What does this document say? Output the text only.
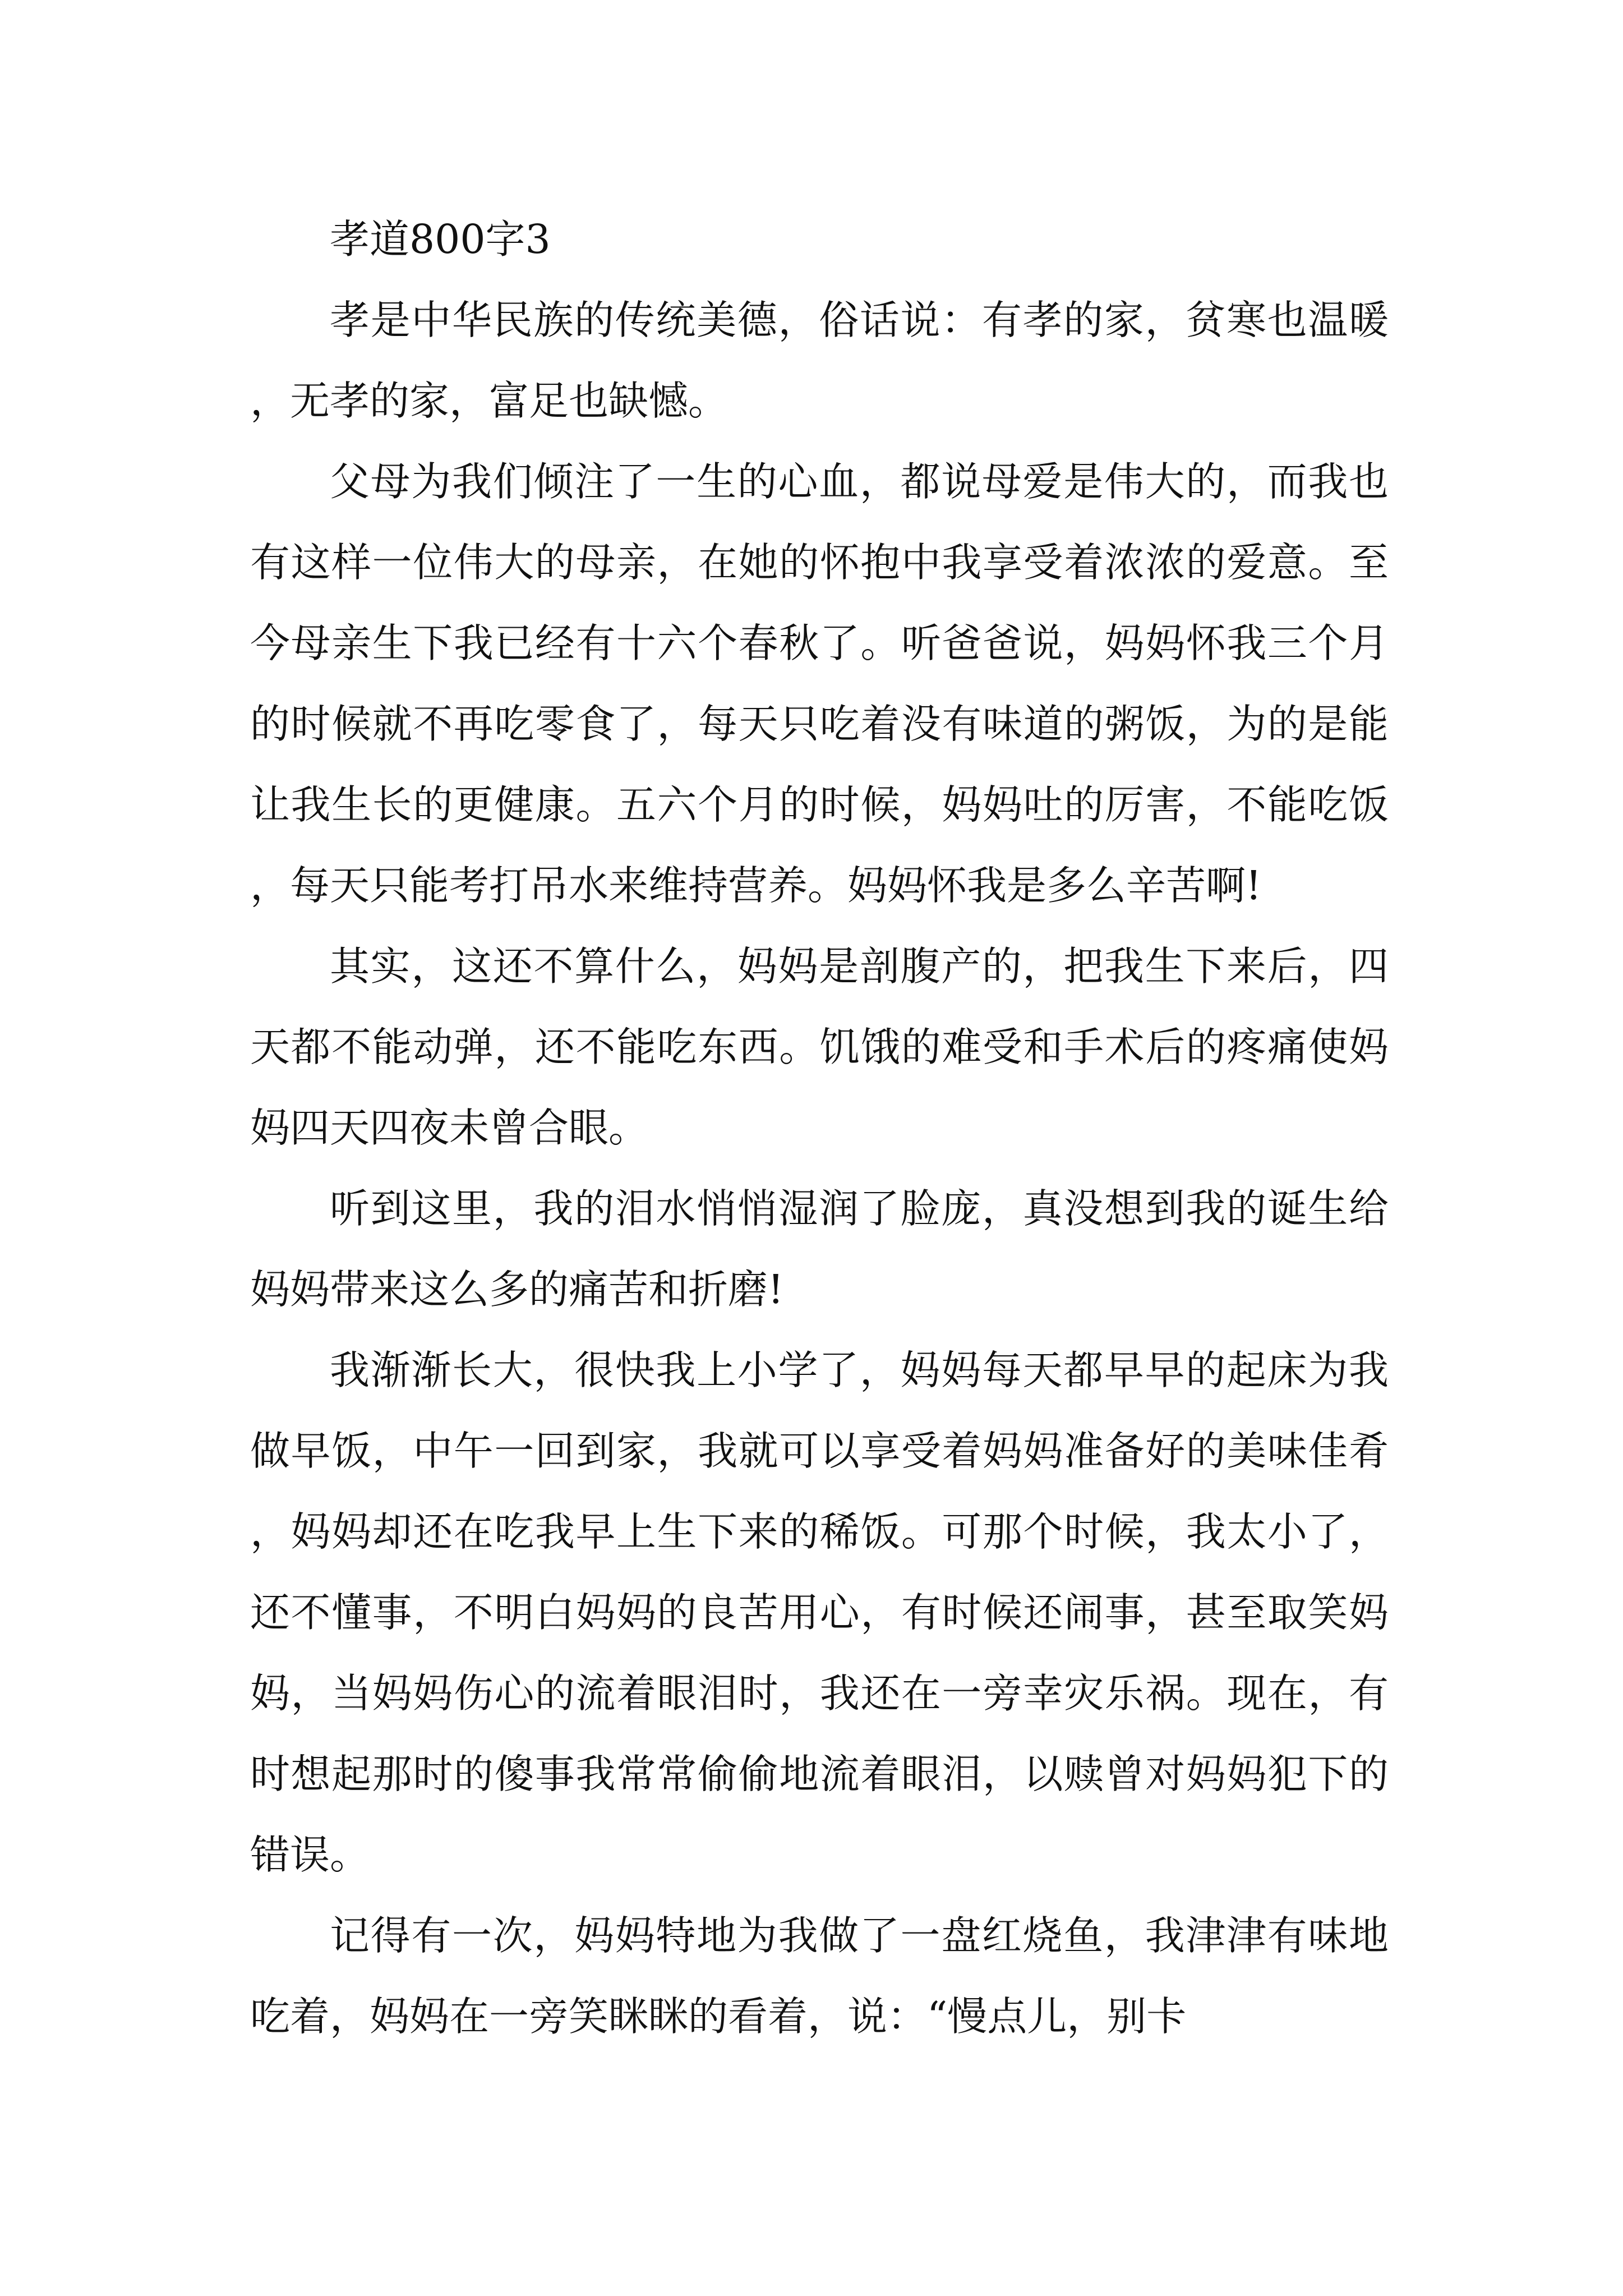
孝道800字3

孝是中华民族的传统美德，俗话说：有孝的家，贫寒也温暖，无孝的家，富足也缺憾。

父母为我们倾注了一生的心血，都说母爱是伟大的，而我也有这样一位伟大的母亲，在她的怀抱中我享受着浓浓的爱意。至今母亲生下我已经有十六个春秋了。听爸爸说，妈妈怀我三个月的时候就不再吃零食了，每天只吃着没有味道的粥饭，为的是能让我生长的更健康。五六个月的时候，妈妈吐的厉害，不能吃饭，每天只能考打吊水来维持营养。妈妈怀我是多么辛苦啊!

其实，这还不算什么，妈妈是剖腹产的，把我生下来后，四天都不能动弹，还不能吃东西。饥饿的难受和手术后的疼痛使妈妈四天四夜未曾合眼。

听到这里，我的泪水悄悄湿润了脸庞，真没想到我的诞生给妈妈带来这么多的痛苦和折磨!

我渐渐长大，很快我上小学了，妈妈每天都早早的起床为我做早饭，中午一回到家，我就可以享受着妈妈准备好的美味佳肴，妈妈却还在吃我早上生下来的稀饭。可那个时候，我太小了，还不懂事，不明白妈妈的良苦用心，有时候还闹事，甚至取笑妈妈，当妈妈伤心的流着眼泪时，我还在一旁幸灾乐祸。现在，有时想起那时的傻事我常常偷偷地流着眼泪，以赎曾对妈妈犯下的错误。

记得有一次，妈妈特地为我做了一盘红烧鱼，我津津有味地吃着，妈妈在一旁笑眯眯的看着，说：“慢点儿，别卡
